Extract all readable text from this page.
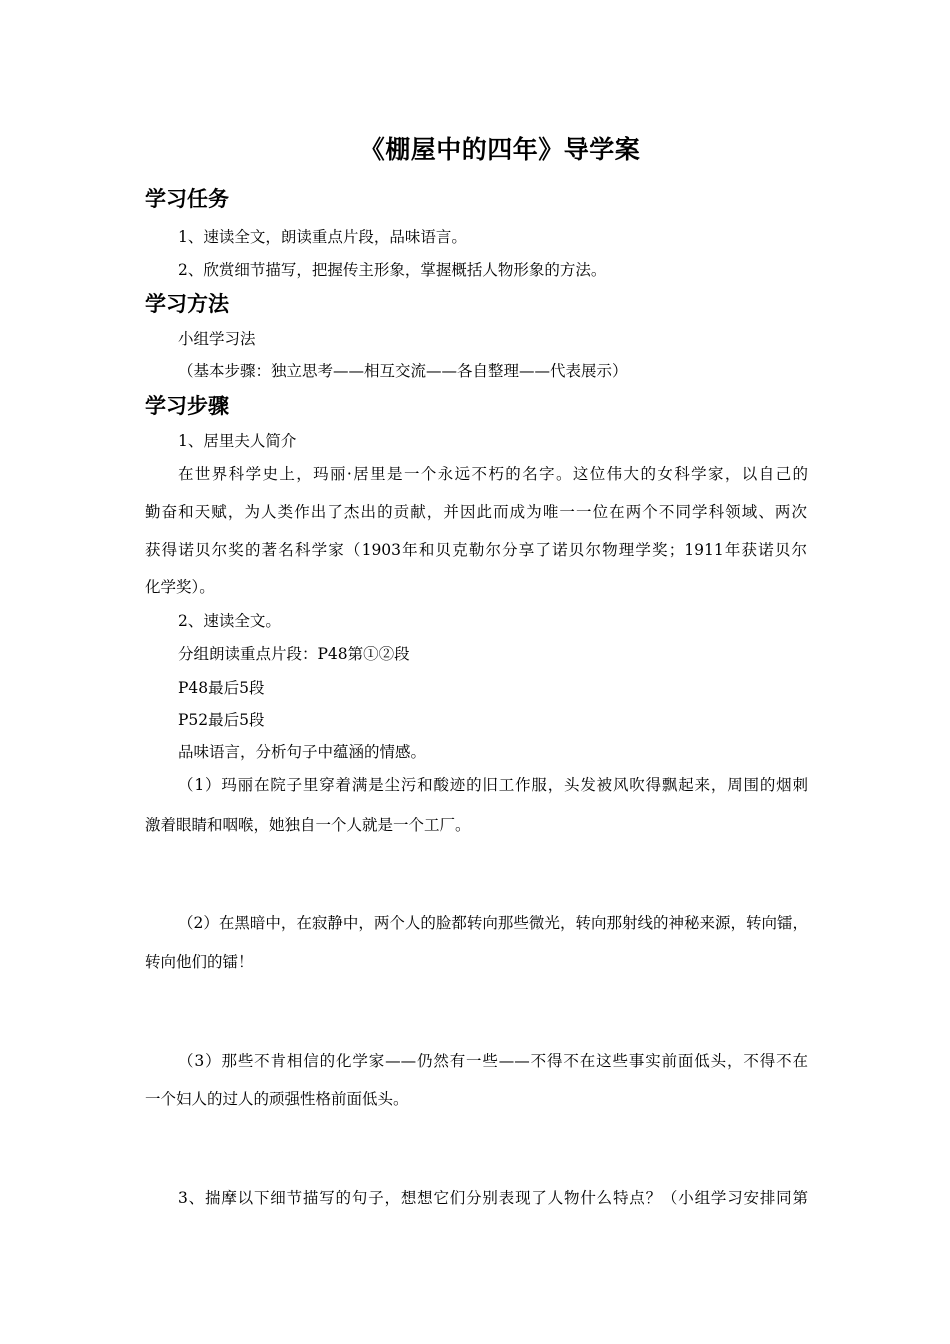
《棚屋中的四年》导学案
学习任务
1、速读全文，朗读重点片段，品味语言。
2、欣赏细节描写，把握传主形象，掌握概括人物形象的方法。
学习方法
小组学习法
（基本步骤：独立思考——相互交流——各自整理——代表展示）
学习步骤
1、居里夫人简介
在世界科学史上，玛丽·居里是一个永远不朽的名字。这位伟大的女科学家，以自己的
勤奋和天赋，为人类作出了杰出的贡献，并因此而成为唯一一位在两个不同学科领域、两次
获得诺贝尔奖的著名科学家（1903年和贝克勒尔分享了诺贝尔物理学奖；1911年获诺贝尔
化学奖）。
2、速读全文。
分组朗读重点片段：P48第①②段
P48最后5段
P52最后5段
品味语言，分析句子中蕴涵的情感。
（1）玛丽在院子里穿着满是尘污和酸迹的旧工作服，头发被风吹得飘起来，周围的烟刺
激着眼睛和咽喉，她独自一个人就是一个工厂。
（2）在黑暗中，在寂静中，两个人的脸都转向那些微光，转向那射线的神秘来源，转向镭，
转向他们的镭！
（3）那些不肯相信的化学家——仍然有一些——不得不在这些事实前面低头，不得不在
一个妇人的过人的顽强性格前面低头。
3、揣摩以下细节描写的句子，想想它们分别表现了人物什么特点？（小组学习安排同第
